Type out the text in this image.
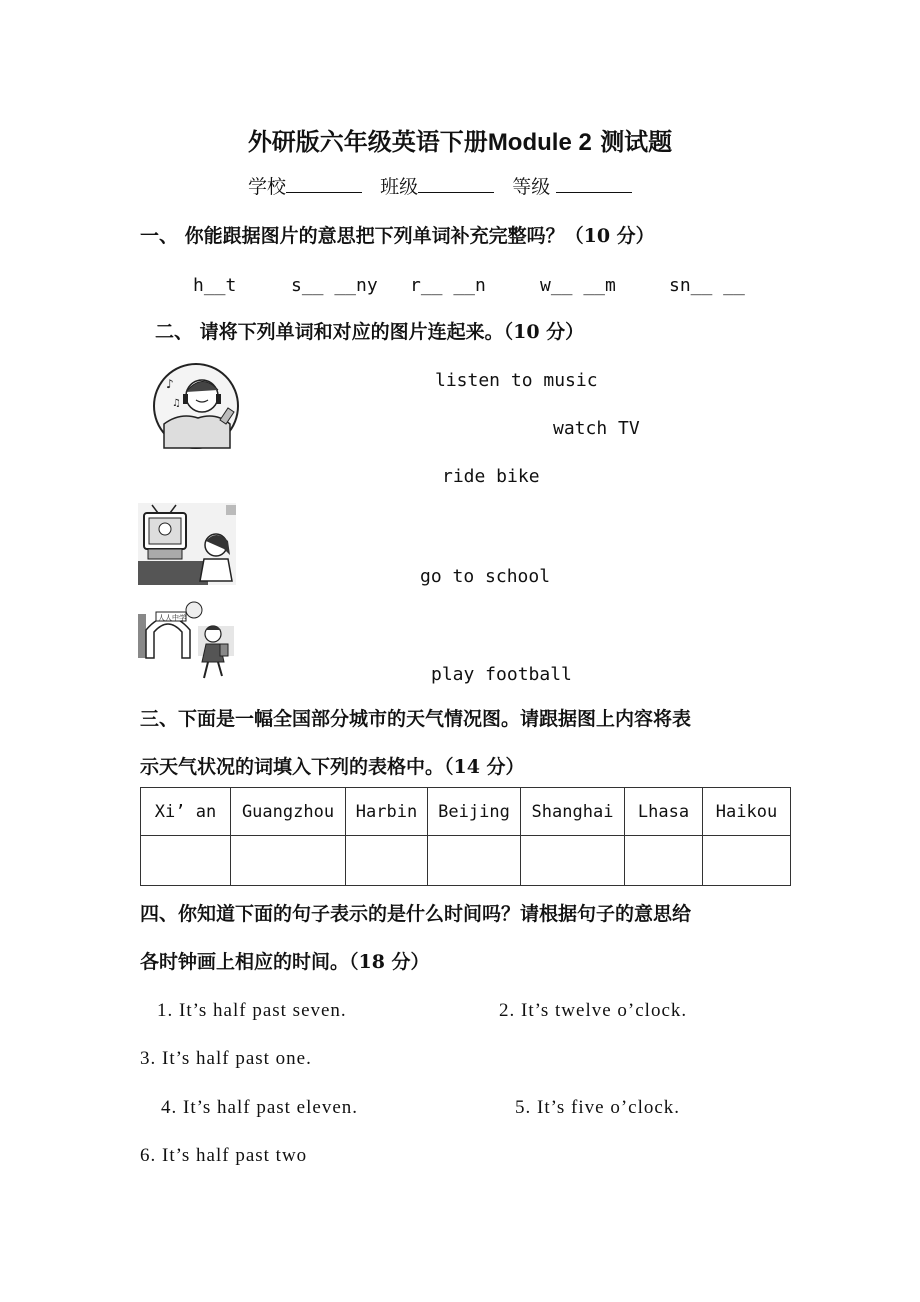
外研版六年级英语下册Module 2 测试题
学校	班级	等级
一、 你能跟据图片的意思把下列单词补充完整吗？（10 分）
h__t	s__ __ny r__ __n	w__ __m	sn__ __
二、 请将下列单词和对应的图片连起来。（10 分）
listen to music
watch TV
ride bike
go to school
play football
♪
♫
人人中学
三、下面是一幅全国部分城市的天气情况图。请跟据图上内容将表
示天气状况的词填入下列的表格中。（14 分）
Xi’ an	Guangzhou	Harbin	Beijing	Shanghai	Lhasa	Haikou

四、你知道下面的句子表示的是什么时间吗？请根据句子的意思给
各时钟画上相应的时间。（18 分）
1. It’s half past seven.	2. It’s twelve o’clock.
3. It’s half past one.
4. It’s half past eleven.	5. It’s five o’clock.
6. It’s half past two
